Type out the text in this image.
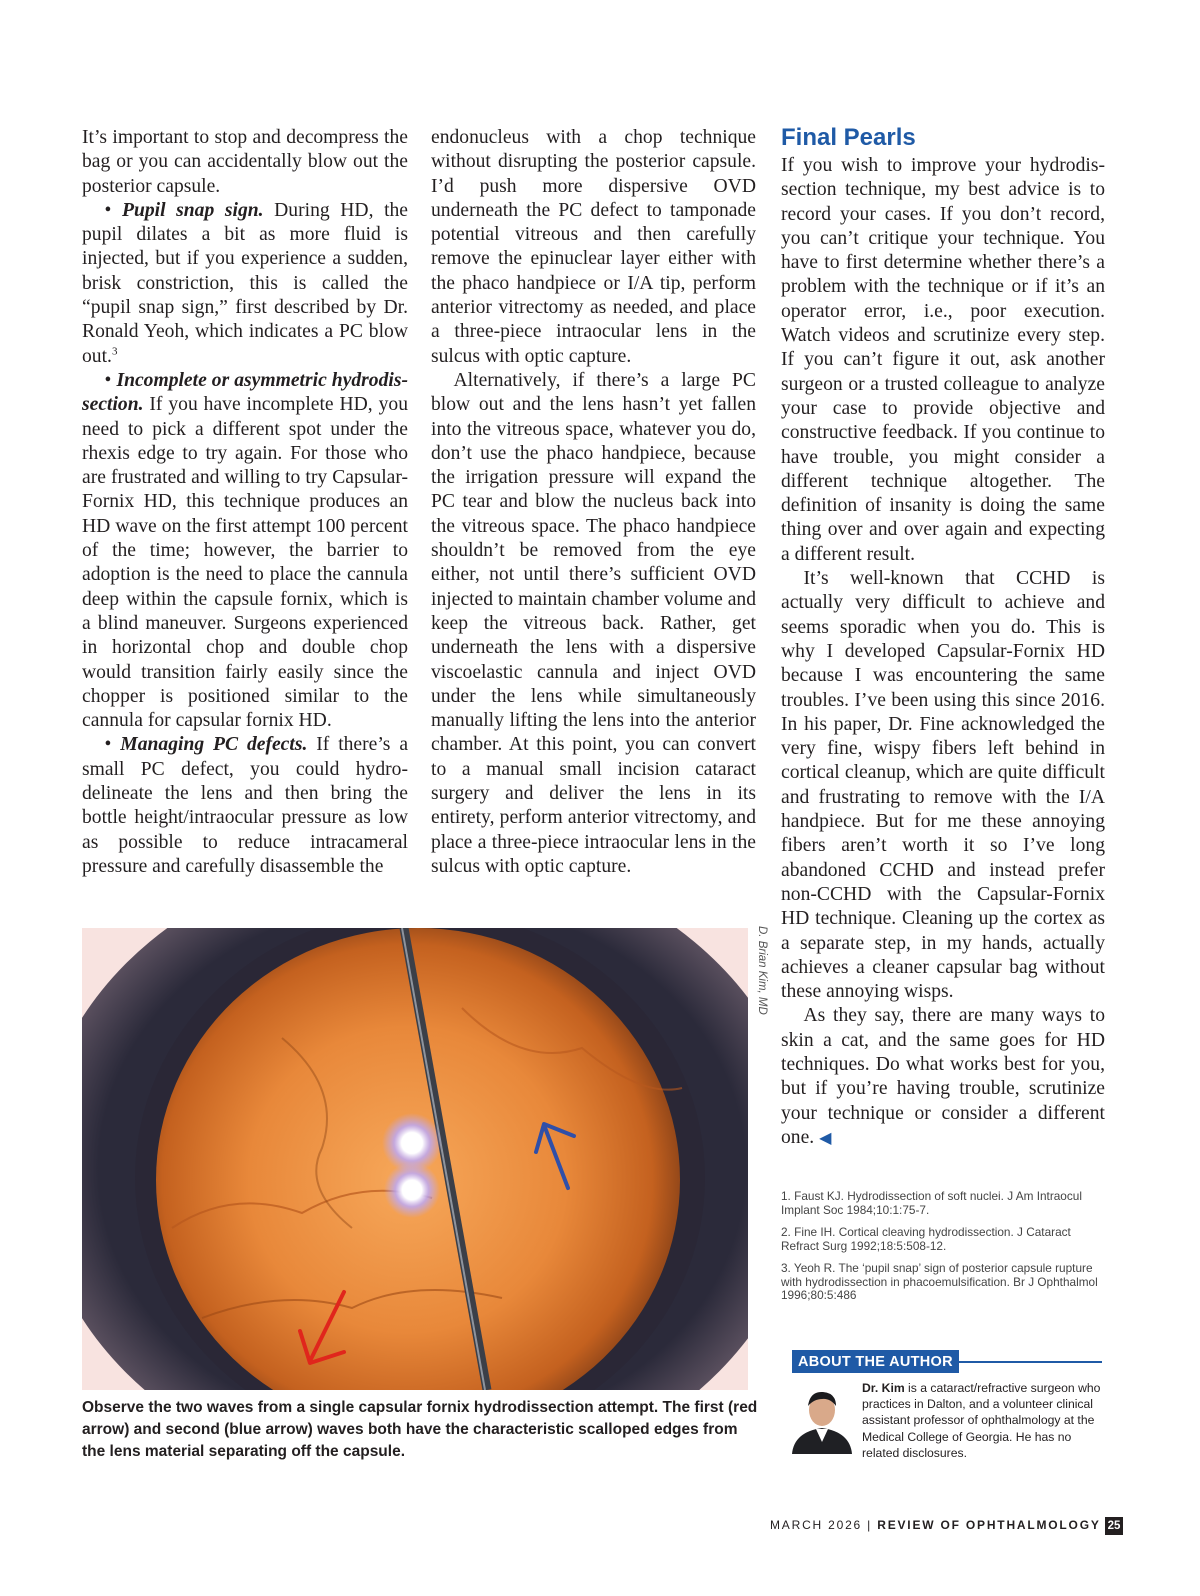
It’s important to stop and decompress the bag or you can accidentally blow out the posterior capsule.

• Pupil snap sign. During HD, the pupil dilates a bit as more fluid is injected, but if you experience a sudden, brisk constriction, this is called the “pupil snap sign,” first described by Dr. Ronald Yeoh, which indicates a PC blow out.$^3$

• Incomplete or asymmetric hydrodissection. If you have incomplete HD, you need to pick a different spot under the rhexis edge to try again. For those who are frustrated and willing to try Capsular-Fornix HD, this technique produces an HD wave on the first attempt 100 percent of the time; however, the barrier to adoption is the need to place the cannula deep within the capsule fornix, which is a blind maneuver. Surgeons experienced in horizontal chop and double chop would transition fairly easily since the chopper is positioned similar to the cannula for capsular fornix HD.

• Managing PC defects. If there’s a small PC defect, you could hydrodelineate the lens and then bring the bottle height/intraocular pressure as low as possible to reduce intracameral pressure and carefully disassemble the

endonucleus with a chop technique without disrupting the posterior capsule. I’d push more dispersive OVD underneath the PC defect to tamponade potential vitreous and then carefully remove the epinuclear layer either with the phaco handpiece or I/A tip, perform anterior vitrectomy as needed, and place a three-piece intraocular lens in the sulcus with optic capture.

Alternatively, if there’s a large PC blow out and the lens hasn’t yet fallen into the vitreous space, whatever you do, don’t use the phaco handpiece, because the irrigation pressure will expand the PC tear and blow the nucleus back into the vitreous space. The phaco handpiece shouldn’t be removed from the eye either, not until there’s sufficient OVD injected to maintain chamber volume and keep the vitreous back. Rather, get underneath the lens with a dispersive viscoelastic cannula and inject OVD under the lens while simultaneously manually lifting the lens into the anterior chamber. At this point, you can convert to a manual small incision cataract surgery and deliver the lens in its entirety, perform anterior vitrectomy, and place a three-piece intraocular lens in the sulcus with optic capture.

Final Pearls

If you wish to improve your hydrodissection technique, my best advice is to record your cases. If you don’t record, you can’t critique your technique. You have to first determine whether there’s a problem with the technique or if it’s an operator error, i.e., poor execution. Watch videos and scrutinize every step. If you can’t figure it out, ask another surgeon or a trusted colleague to analyze your case to provide objective and constructive feedback. If you continue to have trouble, you might consider a different technique altogether. The definition of insanity is doing the same thing over and over again and expecting a different result.

It’s well-known that CCHD is actually very difficult to achieve and seems sporadic when you do. This is why I developed Capsular-Fornix HD because I was encountering the same troubles. I’ve been using this since 2016. In his paper, Dr. Fine acknowledged the very fine, wispy fibers left behind in cortical cleanup, which are quite difficult and frustrating to remove with the I/A handpiece. But for me these annoying fibers aren’t worth it so I’ve long abandoned CCHD and instead prefer non-CCHD with the Capsular-Fornix HD technique. Cleaning up the cortex as a separate step, in my hands, actually achieves a cleaner capsular bag without these annoying wisps.

As they say, there are many ways to skin a cat, and the same goes for HD techniques. Do what works best for you, but if you’re having trouble, scrutinize your technique or consider a different one. ◀

D. Brian Kim, MD

Observe the two waves from a single capsular fornix hydrodissection attempt. The first (red arrow) and second (blue arrow) waves both have the characteristic scalloped edges from the lens material separating off the capsule.

1. Faust KJ. Hydrodissection of soft nuclei. J Am Intraocul Implant Soc 1984;10:1:75-7.

2. Fine IH. Cortical cleaving hydrodissection. J Cataract Refract Surg 1992;18:5:508-12.

3. Yeoh R. The ‘pupil snap’ sign of posterior capsule rupture with hydrodissection in phacoemulsification. Br J Ophthalmol 1996;80:5:486

ABOUT THE AUTHOR

Dr. Kim is a cataract/refractive surgeon who practices in Dalton, and a volunteer clinical assistant professor of ophthalmology at the Medical College of Georgia. He has no related disclosures.

MARCH 2026 | REVIEW OF OPHTHALMOLOGY 25
